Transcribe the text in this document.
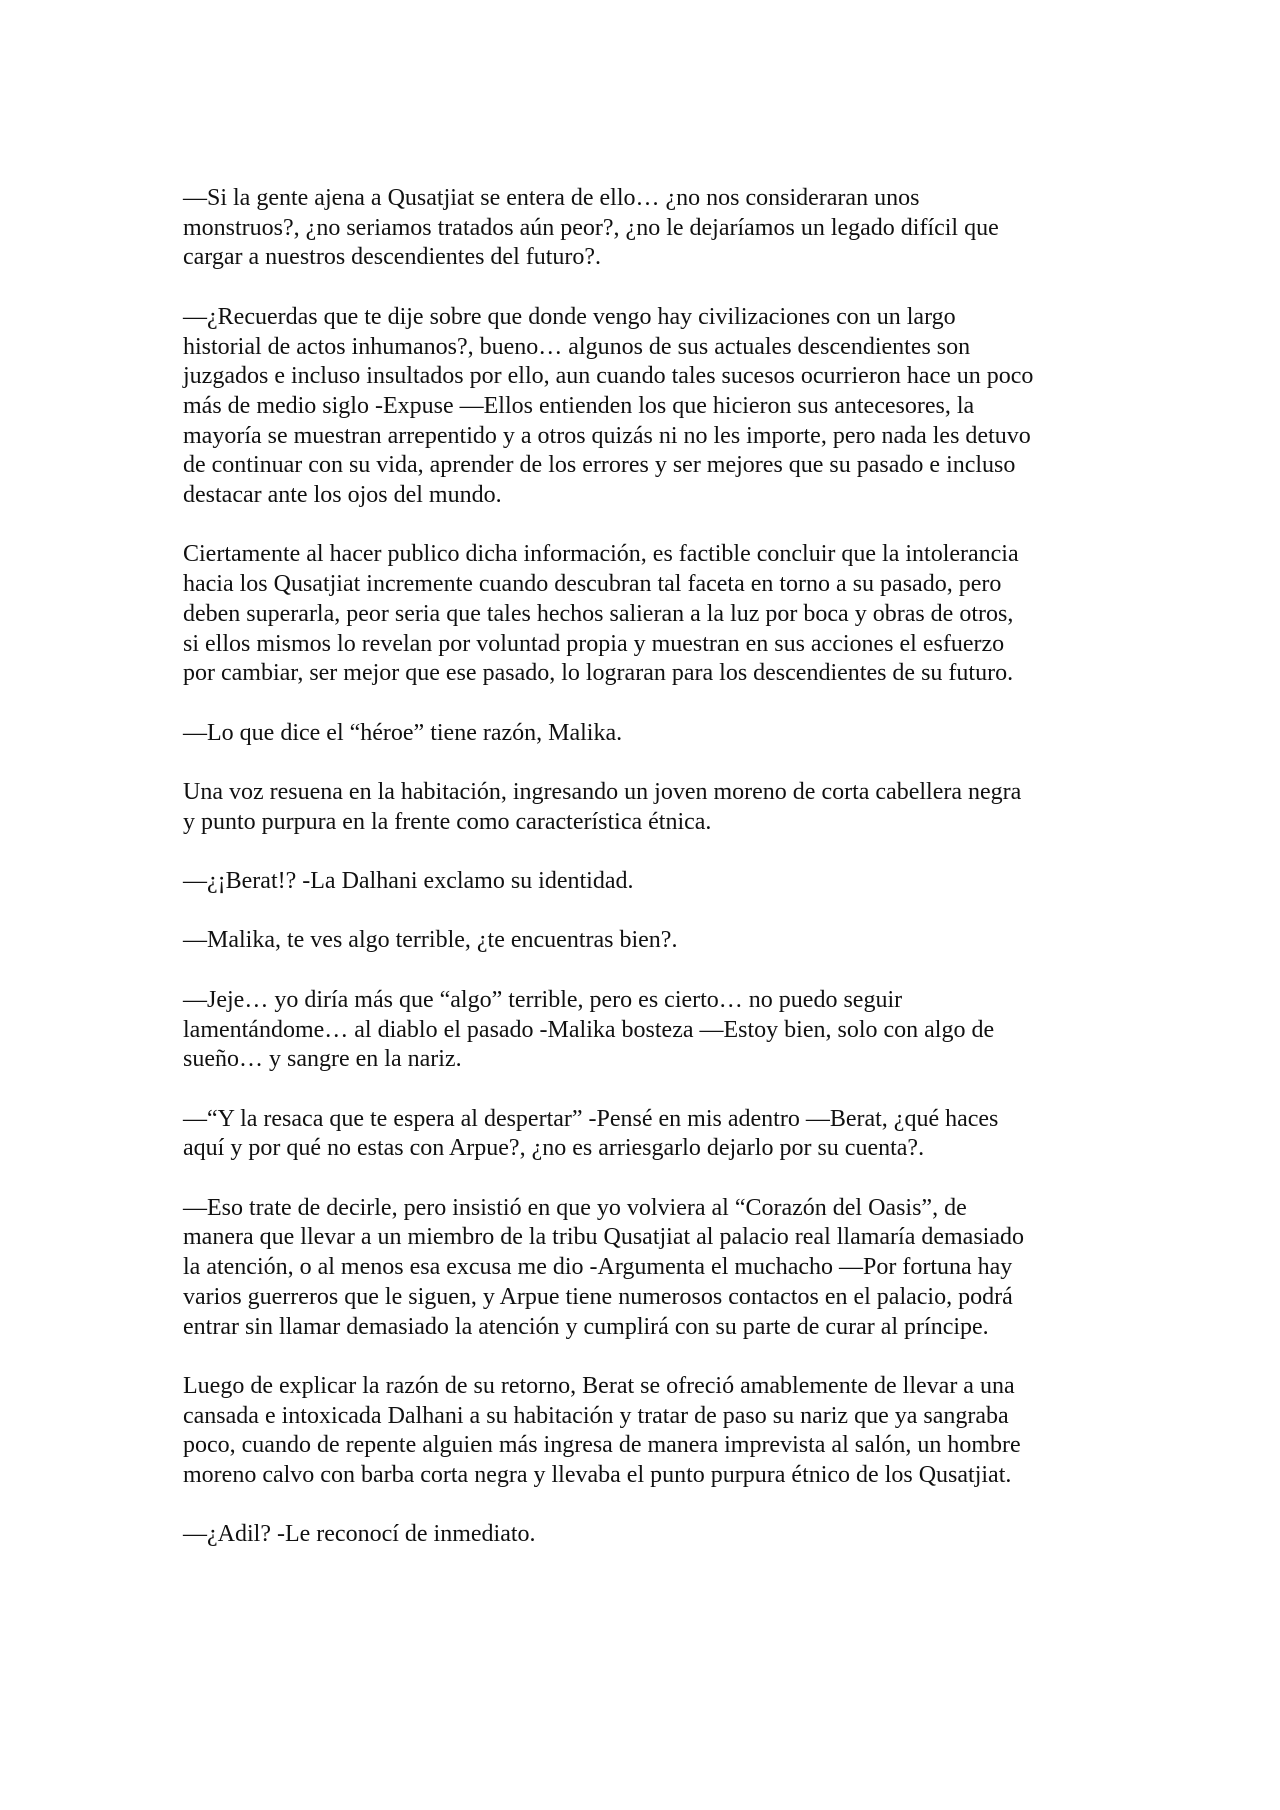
—Si la gente ajena a Qusatjiat se entera de ello… ¿no nos consideraran unos
monstruos?, ¿no seriamos tratados aún peor?, ¿no le dejaríamos un legado difícil que
cargar a nuestros descendientes del futuro?.

—¿Recuerdas que te dije sobre que donde vengo hay civilizaciones con un largo
historial de actos inhumanos?, bueno… algunos de sus actuales descendientes son
juzgados e incluso insultados por ello, aun cuando tales sucesos ocurrieron hace un poco
más de medio siglo -Expuse —Ellos entienden los que hicieron sus antecesores, la
mayoría se muestran arrepentido y a otros quizás ni no les importe, pero nada les detuvo
de continuar con su vida, aprender de los errores y ser mejores que su pasado e incluso
destacar ante los ojos del mundo.

Ciertamente al hacer publico dicha información, es factible concluir que la intolerancia
hacia los Qusatjiat incremente cuando descubran tal faceta en torno a su pasado, pero
deben superarla, peor seria que tales hechos salieran a la luz por boca y obras de otros,
si ellos mismos lo revelan por voluntad propia y muestran en sus acciones el esfuerzo
por cambiar, ser mejor que ese pasado, lo lograran para los descendientes de su futuro.

—Lo que dice el “héroe” tiene razón, Malika.

Una voz resuena en la habitación, ingresando un joven moreno de corta cabellera negra
y punto purpura en la frente como característica étnica.

—¿¡Berat!? -La Dalhani exclamo su identidad.

—Malika, te ves algo terrible, ¿te encuentras bien?.

—Jeje… yo diría más que “algo” terrible, pero es cierto… no puedo seguir
lamentándome… al diablo el pasado -Malika bosteza —Estoy bien, solo con algo de
sueño… y sangre en la nariz.

—“Y la resaca que te espera al despertar” -Pensé en mis adentro —Berat, ¿qué haces
aquí y por qué no estas con Arpue?, ¿no es arriesgarlo dejarlo por su cuenta?.

—Eso trate de decirle, pero insistió en que yo volviera al “Corazón del Oasis”, de
manera que llevar a un miembro de la tribu Qusatjiat al palacio real llamaría demasiado
la atención, o al menos esa excusa me dio -Argumenta el muchacho —Por fortuna hay
varios guerreros que le siguen, y Arpue tiene numerosos contactos en el palacio, podrá
entrar sin llamar demasiado la atención y cumplirá con su parte de curar al príncipe.

Luego de explicar la razón de su retorno, Berat se ofreció amablemente de llevar a una
cansada e intoxicada Dalhani a su habitación y tratar de paso su nariz que ya sangraba
poco, cuando de repente alguien más ingresa de manera imprevista al salón, un hombre
moreno calvo con barba corta negra y llevaba el punto purpura étnico de los Qusatjiat.

—¿Adil? -Le reconocí de inmediato.
